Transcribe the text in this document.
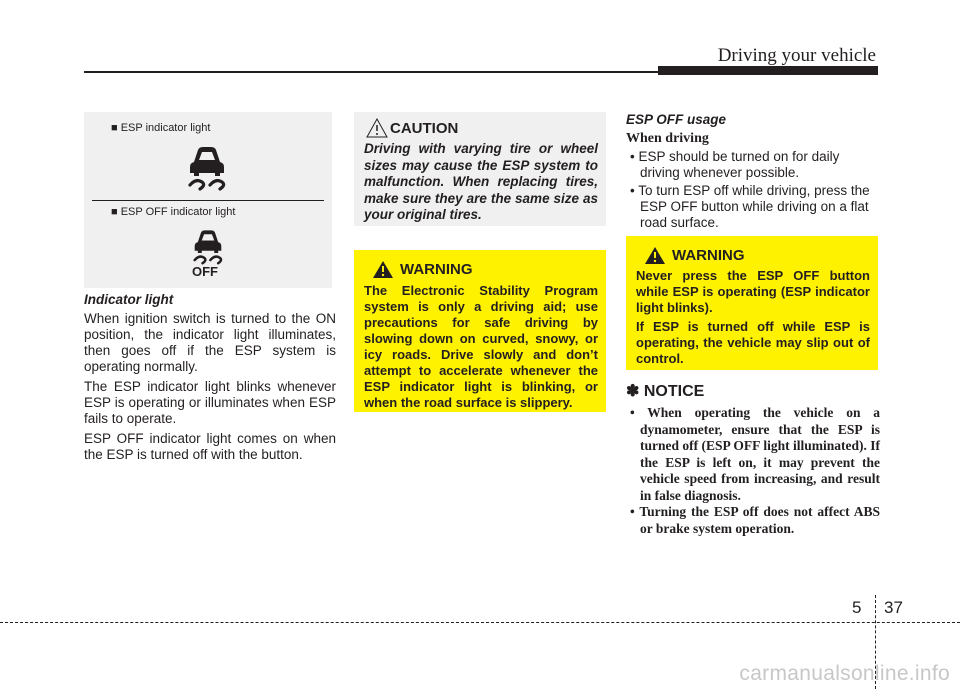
Driving your vehicle
■ ESP indicator light
■ ESP OFF indicator light
OFF
Indicator light

When ignition switch is turned to the ON position, the indicator light illuminates, then goes off if the ESP system is operating normally.

The ESP indicator light blinks whenever ESP is operating or illuminates when ESP fails to operate.

ESP OFF indicator light comes on when the ESP is turned off with the button.

CAUTION
Driving with varying tire or wheel sizes may cause the ESP system to malfunction. When replacing tires, make sure they are the same size as your original tires.
WARNING
The Electronic Stability Program system is only a driving aid; use precautions for safe driving by slowing down on curved, snowy, or icy roads. Drive slowly and don’t attempt to accelerate whenever the ESP indicator light is blinking, or when the road surface is slippery.
ESP OFF usage
When driving

• ESP should be turned on for daily driving whenever possible.

• To turn ESP off while driving, press the ESP OFF button while driving on a flat road surface.

WARNING
Never press the ESP OFF button while ESP is operating (ESP indicator light blinks).
If ESP is turned off while ESP is operating, the vehicle may slip out of control.
✽ NOTICE

• When operating the vehicle on a dynamometer, ensure that the ESP is turned off (ESP OFF light illuminated). If the ESP is left on, it may prevent the vehicle speed from increasing, and result in false diagnosis.

• Turning the ESP off does not affect ABS or brake system operation.

5 37
carmanualsonline.info
